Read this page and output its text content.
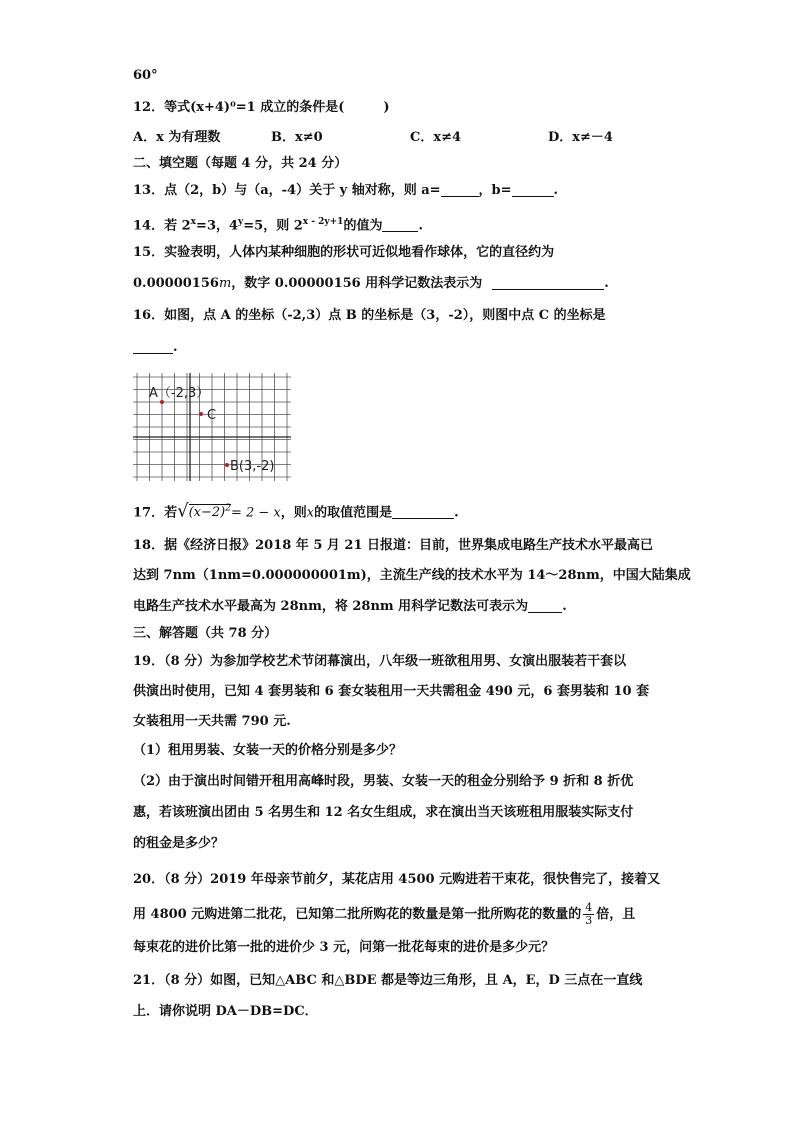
60°
12．等式(x+4)⁰=1 成立的条件是(　　　)
A．x 为有理数	B．x≠0	C．x≠4	D．x≠－4
二、填空题（每题 4 分，共 24 分）
13．点（2，b）与（a，-4）关于 y 轴对称，则 a=	，b=	.
14．若 $2^x=3$，$4^y=5$，则 $2^{x - 2y+1}$的值为	.
15．实验表明，人体内某种细胞的形状可近似地看作球体，它的直径约为
0.00000156m，数字 0.00000156 用科学记数法表示为	.
16．如图，点 A 的坐标（-2,3）点 B 的坐标是（3，-2），则图中点 C 的坐标是
.
A（-2,3）
C
B(3,-2)
17．若$√(x-2)^2= 2 - x$，则x的取值范围是	.
18．据《经济日报》2018 年 5 月 21 日报道：目前，世界集成电路生产技术水平最高已
达到 7nm（1nm=0.000000001m)，主流生产线的技术水平为 14～28nm，中国大陆集成
电路生产技术水平最高为 28nm，将 28nm 用科学记数法可表示为	.
三、解答题（共 78 分）
19．（8 分）为参加学校艺术节闭幕演出，八年级一班欲租用男、女演出服装若干套以
供演出时使用，已知 4 套男装和 6 套女装租用一天共需租金 490 元，6 套男装和 10 套
女装租用一天共需 790 元.
（1）租用男装、女装一天的价格分别是多少？
（2）由于演出时间错开租用高峰时段，男装、女装一天的租金分别给予 9 折和 8 折优
惠，若该班演出团由 5 名男生和 12 名女生组成，求在演出当天该班租用服装实际支付
的租金是多少？
20．（8 分）2019 年母亲节前夕，某花店用 4500 元购进若干束花，很快售完了，接着又
用 4800 元购进第二批花，已知第二批所购花的数量是第一批所购花的数量的 $\frac{4}{3}$ 倍，且
每束花的进价比第一批的进价少 3 元，问第一批花每束的进价是多少元？
21．（8 分）如图，已知△ABC 和△BDE 都是等边三角形，且 A，E，D 三点在一直线
上．请你说明 DA－DB=DC．
